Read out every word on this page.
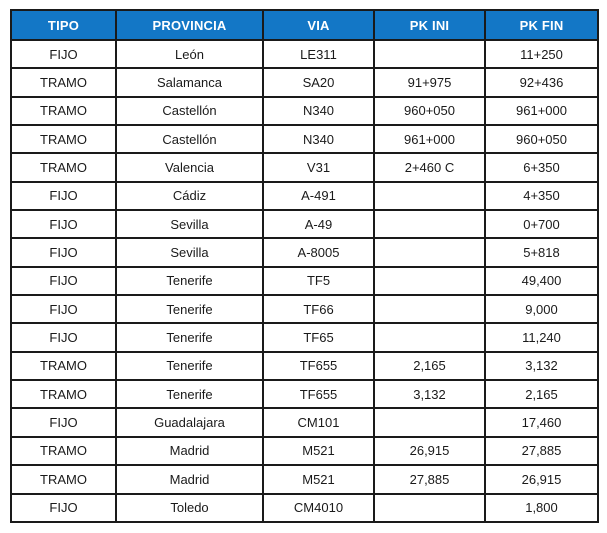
TIPO	PROVINCIA	VIA	PK INI	PK FIN
FIJO	León	LE311		11+250
TRAMO	Salamanca	SA20	91+975	92+436
TRAMO	Castellón	N340	960+050	961+000
TRAMO	Castellón	N340	961+000	960+050
TRAMO	Valencia	V31	2+460 C	6+350
FIJO	Cádiz	A-491		4+350
FIJO	Sevilla	A-49		0+700
FIJO	Sevilla	A-8005		5+818
FIJO	Tenerife	TF5		49,400
FIJO	Tenerife	TF66		9,000
FIJO	Tenerife	TF65		11,240
TRAMO	Tenerife	TF655	2,165	3,132
TRAMO	Tenerife	TF655	3,132	2,165
FIJO	Guadalajara	CM101		17,460
TRAMO	Madrid	M521	26,915	27,885
TRAMO	Madrid	M521	27,885	26,915
FIJO	Toledo	CM4010		1,800
